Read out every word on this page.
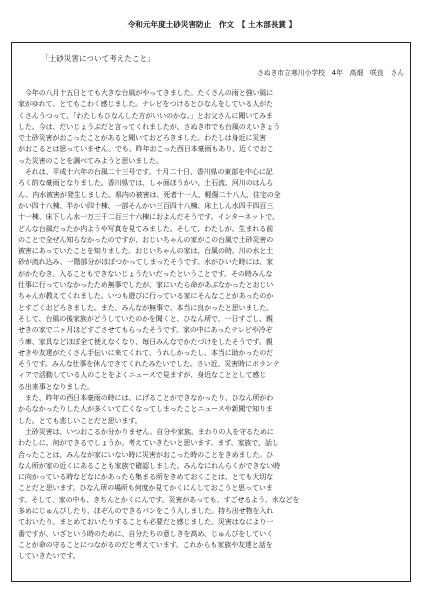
令和元年度土砂災害防止　作文　【 土木部長賞 】
「土砂災害について考えたこと」
さぬき市立寒川小学校　4年　高畑　咲良　さん
　今年の八月十五日とても大きな台風がやってきました。たくさんの雨と強い風に
家がゆれて、とてもこわく感じました。テレビをつけるとひなんをしている人がた
くさんうつって、「わたしもひなんした方がいいのかな。」とお父さんに聞いてみま
した。今は、だいじょうぶだと言ってくれましたが、さぬき市でも台風のえいきょう
で土砂災害がおこったことがあると聞いておどろきました。わたしは身近に災害
がおこるとは思っていません。でも、昨年おこった西日本豪雨もあり、近くでおこ
った災害のことを調べてみようと思いました。
　それは、平成十六年の台風二十三号です。十月二十日、香川県の東部を中心に記
ろく的な豪雨となりました。香川県では、しゃ面ほうかい、土石流、河川のはんら
ん、内水被害が発生しました。県内の被害は、死者十一人、軽傷二十八人、住宅の全
かい四十八棟、半かい四十棟、一部そんかい三百四十八棟、床上しん水四千四百三
十一棟、床下しん水一万三千二百三十六棟におよんだそうです。インターネットで、
どんな台風だったか内ようや写真を見てみました。そして、わたしが、生まれる前
のことで全ぜん知らなかったのですが、おじいちゃんの家がこの台風で土砂災害の
被害にあっていたことを知りました。おじいちゃんの家は、台風の時、川の水と土
砂が流れ込み、一階部分がほぼつかってしまったそうです。水がひいた時には、家
がかたむき、入ることもできないじょうたいだったということです。その時みんな
仕事に行っていなかったため無事でしたが、家にいたら命があぶなかったとおじい
ちゃんが教えてくれました。いつも遊びに行っている家にそんなことがあったのか
とすごくおどろきました。また、みんなが無事で、本当に良かったと思いました。
そして、台風の後家族がどうしていたのかを聞くと、ひなん所で、一日すごし、親
せきの家で二ヶ月ほどすごさせてもらったそうです。家の中にあったテレビや冷ぞ
う庫、家具などほぼ全て使えなくなり、毎日みんなでかたづけをしたそうです。親
せきや友達がたくさん手伝いに来てくれて、うれしかったし、本当に助かったのだ
そうです。みんな仕事を休んできてくれたみたいでした。さい近、災害時にボランテ
ィアで活動している人のことをよくニュースで見ますが、身近なこととして感じ
る出来事となりました。
　また、昨年の西日本豪雨の時には、にげることができなかったり、ひなん所がわ
からなかったりした人が多くいて亡くなってしまったことニュースや新聞で知りま
した。とても悲しいことだと思います。
　土砂災害は、いつおこるか分かりません。自分や家族、まわりの人を守るために
わたしに、何ができるでしょうか。考えていきたいと思います。まず、家族で、話し
合ったことは、みんなが家にいない時に災害がおこった時のことをきめました。ひ
なん所が家の近くにあることも家族で確認しました。みんなにれんらくができない時
に向かっている時などなにかあったら集まる所をきめておくことは、とても大切な
ことだと思います。ひなん所の場所も何度か見てかくにんしておこうと思っていま
す。そして、家の中も、きちんとかくにんです。災害があっても、すごせるよう、水などを
多めにじゅんびしたり、ほぞんのできるパンをこう入しました。持ち出せ物を入れ
ておいたり、まとめておいたりすることも必要だと感じました。災害はなにより一
番ですが、いざという時のために、自分たちの意しきを高め、じゅんびをしていく
ことが命の守ることにつながるのだと考えています。これからも家族や友達と話を
していきたいです。
